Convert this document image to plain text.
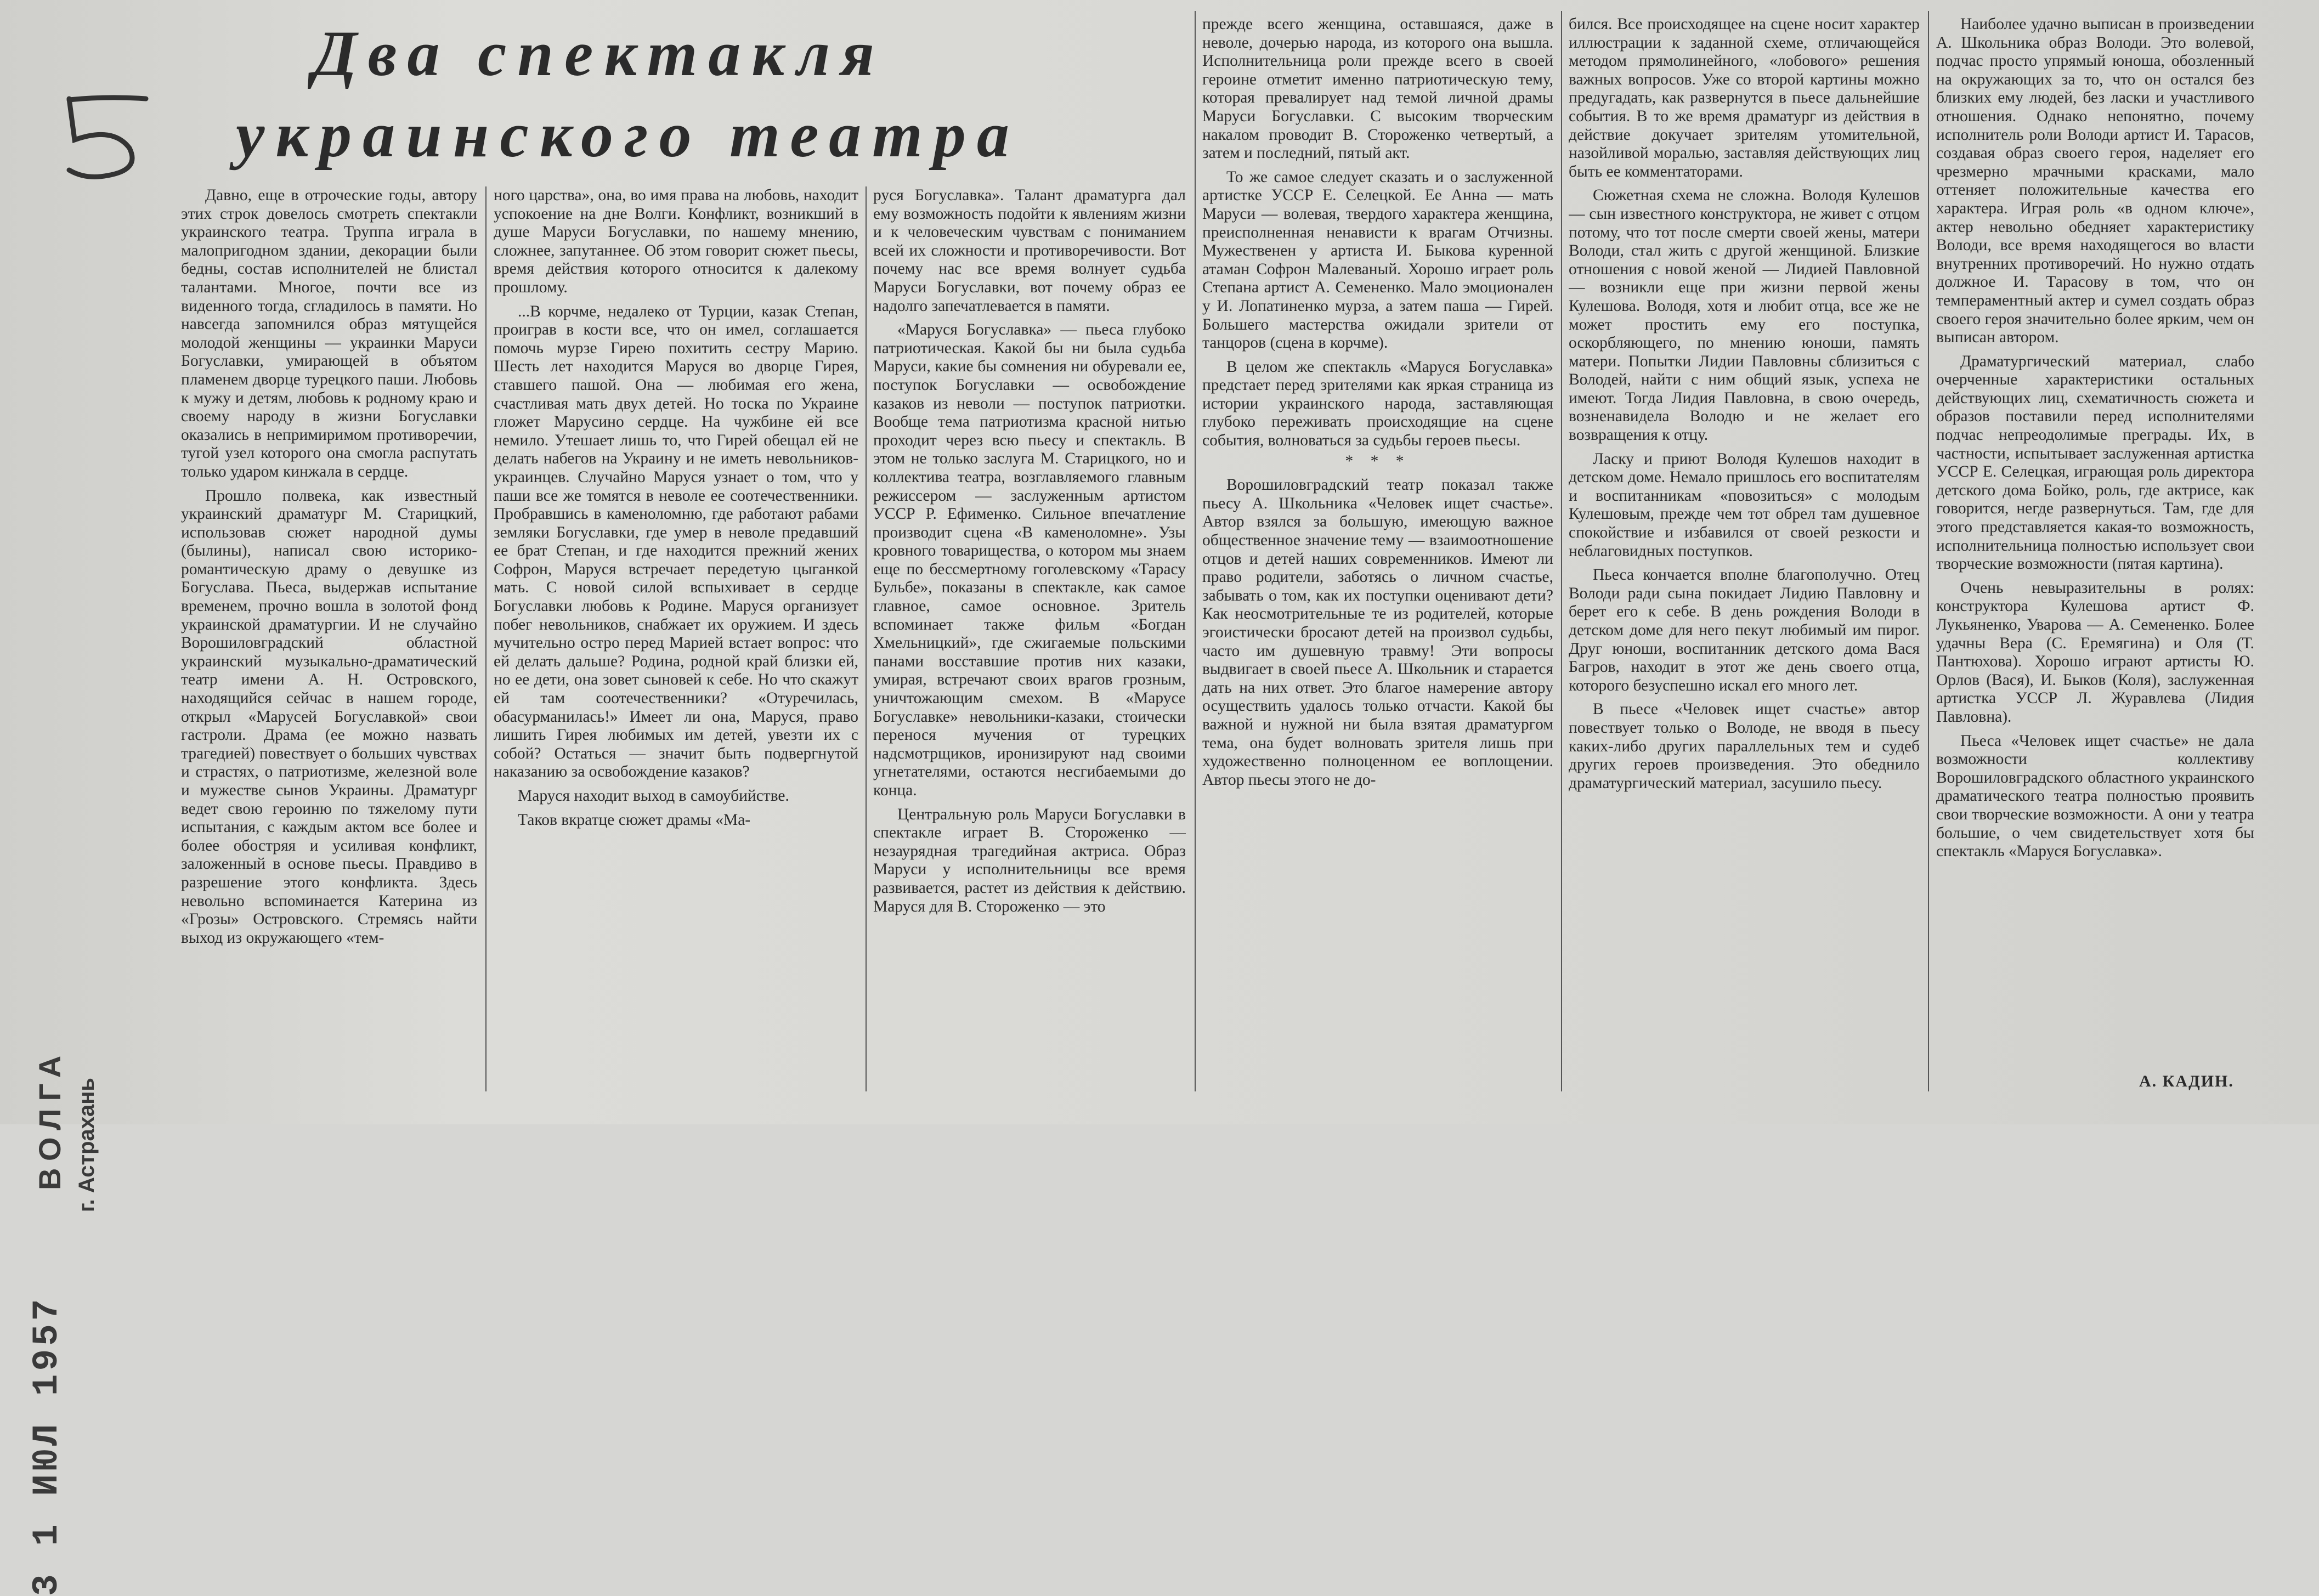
3 1 ИЮЛ 1957
ВОЛГА г. Астрахань
Два спектакля
украинского театра

Давно, еще в отроческие годы, автору этих строк довелось смотреть спектакли украинского театра. Труппа играла в малопригодном здании, декорации были бедны, состав исполнителей не блистал талантами. Многое, почти все из виденного тогда, сгладилось в памяти. Но навсегда запомнился образ мятущейся молодой женщины — украинки Маруси Богуславки, умирающей в объятом пламенем дворце турецкого паши. Любовь к мужу и детям, любовь к родному краю и своему народу в жизни Богуславки оказались в непримиримом противоречии, тугой узел которого она смогла распутать только ударом кинжала в сердце.

Прошло полвека, как известный украинский драматург М. Старицкий, использовав сюжет народной думы (былины), написал свою историко-романтическую драму о девушке из Богуслава. Пьеса, выдержав испытание временем, прочно вошла в золотой фонд украинской драматургии. И не случайно Ворошиловградский областной украинский музыкально-драматический театр имени А. Н. Островского, находящийся сейчас в нашем городе, открыл «Марусей Богуславкой» свои гастроли. Драма (ее можно назвать трагедией) повествует о больших чувствах и страстях, о патриотизме, железной воле и мужестве сынов Украины. Драматург ведет свою героиню по тяжелому пути испытания, с каждым актом все более и более обостряя и усиливая конфликт, заложенный в основе пьесы. Правдиво в разрешение этого конфликта. Здесь невольно вспоминается Катерина из «Грозы» Островского. Стремясь найти выход из окружающего «тем-

ного царства», она, во имя права на любовь, находит успокоение на дне Волги. Конфликт, возникший в душе Маруси Богуславки, по нашему мнению, сложнее, запутаннее. Об этом говорит сюжет пьесы, время действия которого относится к далекому прошлому.

...В корчме, недалеко от Турции, казак Степан, проиграв в кости все, что он имел, соглашается помочь мурзе Гирею похитить сестру Марию. Шесть лет находится Маруся во дворце Гирея, ставшего пашой. Она — любимая его жена, счастливая мать двух детей. Но тоска по Украине гложет Марусино сердце. На чужбине ей все немило. Утешает лишь то, что Гирей обещал ей не делать набегов на Украину и не иметь невольников-украинцев. Случайно Маруся узнает о том, что у паши все же томятся в неволе ее соотечественники. Пробравшись в каменоломню, где работают рабами земляки Богуславки, где умер в неволе предавший ее брат Степан, и где находится прежний жених Софрон, Маруся встречает передетую цыганкой мать. С новой силой вспыхивает в сердце Богуславки любовь к Родине. Маруся организует побег невольников, снабжает их оружием. И здесь мучительно остро перед Марией встает вопрос: что ей делать дальше? Родина, родной край близки ей, но ее дети, она зовет сыновей к себе. Но что скажут ей там соотечественники? «Отуречилась, обасурманилась!» Имеет ли она, Маруся, право лишить Гирея любимых им детей, увезти их с собой? Остаться — значит быть подвергнутой наказанию за освобождение казаков?

Маруся находит выход в самоубийстве.

Таков вкратце сюжет драмы «Ма-

руся Богуславка». Талант драматурга дал ему возможность подойти к явлениям жизни и к человеческим чувствам с пониманием всей их сложности и противоречивости. Вот почему нас все время волнует судьба Маруси Богуславки, вот почему образ ее надолго запечатлевается в памяти.

«Маруся Богуславка» — пьеса глубоко патриотическая. Какой бы ни была судьба Маруси, какие бы сомнения ни обуревали ее, поступок Богуславки — освобождение казаков из неволи — поступок патриотки. Вообще тема патриотизма красной нитью проходит через всю пьесу и спектакль. В этом не только заслуга М. Старицкого, но и коллектива театра, возглавляемого главным режиссером — заслуженным артистом УССР Р. Ефименко. Сильное впечатление производит сцена «В каменоломне». Узы кровного товарищества, о котором мы знаем еще по бессмертному гоголевскому «Тарасу Бульбе», показаны в спектакле, как самое главное, самое основное. Зритель вспоминает также фильм «Богдан Хмельницкий», где сжигаемые польскими панами восставшие против них казаки, умирая, встречают своих врагов грозным, уничтожающим смехом. В «Марусе Богуславке» невольники-казаки, стоически перенося мучения от турецких надсмотрщиков, иронизируют над своими угнетателями, остаются несгибаемыми до конца.

Центральную роль Маруси Богуславки в спектакле играет В. Стороженко — незаурядная трагедийная актриса. Образ Маруси у исполнительницы все время развивается, растет из действия к действию. Маруся для В. Стороженко — это

прежде всего женщина, оставшаяся, даже в неволе, дочерью народа, из которого она вышла. Исполнительница роли прежде всего в своей героине отметит именно патриотическую тему, которая превалирует над темой личной драмы Маруси Богуславки. С высоким творческим накалом проводит В. Стороженко четвертый, а затем и последний, пятый акт.

То же самое следует сказать и о заслуженной артистке УССР Е. Селецкой. Ее Анна — мать Маруси — волевая, твердого характера женщина, преисполненная ненависти к врагам Отчизны. Мужественен у артиста И. Быкова куренной атаман Софрон Малеваный. Хорошо играет роль Степана артист А. Семененко. Мало эмоционален у И. Лопатиненко мурза, а затем паша — Гирей. Большего мастерства ожидали зрители от танцоров (сцена в корчме).

В целом же спектакль «Маруся Богуславка» предстает перед зрителями как яркая страница из истории украинского народа, заставляющая глубоко переживать происходящие на сцене события, волноваться за судьбы героев пьесы.

* * *

Ворошиловградский театр показал также пьесу А. Школьника «Человек ищет счастье». Автор взялся за большую, имеющую важное общественное значение тему — взаимоотношение отцов и детей наших современников. Имеют ли право родители, заботясь о личном счастье, забывать о том, как их поступки оценивают дети? Как неосмотрительные те из родителей, которые эгоистически бросают детей на произвол судьбы, часто им душевную травму! Эти вопросы выдвигает в своей пьесе А. Школьник и старается дать на них ответ. Это благое намерение автору осуществить удалось только отчасти. Какой бы важной и нужной ни была взятая драматургом тема, она будет волновать зрителя лишь при художественно полноценном ее воплощении. Автор пьесы этого не до-

бился. Все происходящее на сцене носит характер иллюстрации к заданной схеме, отличающейся методом прямолинейного, «лобового» решения важных вопросов. Уже со второй картины можно предугадать, как развернутся в пьесе дальнейшие события. В то же время драматург из действия в действие докучает зрителям утомительной, назойливой моралью, заставляя действующих лиц быть ее комментаторами.

Сюжетная схема не сложна. Володя Кулешов — сын известного конструктора, не живет с отцом потому, что тот после смерти своей жены, матери Володи, стал жить с другой женщиной. Близкие отношения с новой женой — Лидией Павловной — возникли еще при жизни первой жены Кулешова. Володя, хотя и любит отца, все же не может простить ему его поступка, оскорбляющего, по мнению юноши, память матери. Попытки Лидии Павловны сблизиться с Володей, найти с ним общий язык, успеха не имеют. Тогда Лидия Павловна, в свою очередь, возненавидела Володю и не желает его возвращения к отцу.

Ласку и приют Володя Кулешов находит в детском доме. Немало пришлось его воспитателям и воспитанникам «повозиться» с молодым Кулешовым, прежде чем тот обрел там душевное спокойствие и избавился от своей резкости и неблаговидных поступков.

Пьеса кончается вполне благополучно. Отец Володи ради сына покидает Лидию Павловну и берет его к себе. В день рождения Володи в детском доме для него пекут любимый им пирог. Друг юноши, воспитанник детского дома Вася Багров, находит в этот же день своего отца, которого безуспешно искал его много лет.

В пьесе «Человек ищет счастье» автор повествует только о Володе, не вводя в пьесу каких-либо других параллельных тем и судеб других героев произведения. Это обеднило драматургический материал, засушило пьесу.

Наиболее удачно выписан в произведении А. Школьника образ Володи. Это волевой, подчас просто упрямый юноша, обозленный на окружающих за то, что он остался без близких ему людей, без ласки и участливого отношения. Однако непонятно, почему исполнитель роли Володи артист И. Тарасов, создавая образ своего героя, наделяет его чрезмерно мрачными красками, мало оттеняет положительные качества его характера. Играя роль «в одном ключе», актер невольно обедняет характеристику Володи, все время находящегося во власти внутренних противоречий. Но нужно отдать должное И. Тарасову в том, что он темпераментный актер и сумел создать образ своего героя значительно более ярким, чем он выписан автором.

Драматургический материал, слабо очерченные характеристики остальных действующих лиц, схематичность сюжета и образов поставили перед исполнителями подчас непреодолимые преграды. Их, в частности, испытывает заслуженная артистка УССР Е. Селецкая, играющая роль директора детского дома Бойко, роль, где актрисе, как говорится, негде развернуться. Там, где для этого представляется какая-то возможность, исполнительница полностью использует свои творческие возможности (пятая картина).

Очень невыразительны в ролях: конструктора Кулешова артист Ф. Лукьяненко, Уварова — А. Семененко. Более удачны Вера (С. Еремягина) и Оля (Т. Пантюхова). Хорошо играют артисты Ю. Орлов (Вася), И. Быков (Коля), заслуженная артистка УССР Л. Журавлева (Лидия Павловна).

Пьеса «Человек ищет счастье» не дала возможности коллективу Ворошиловградского областного украинского драматического театра полностью проявить свои творческие возможности. А они у театра большие, о чем свидетельствует хотя бы спектакль «Маруся Богуславка».

А. КАДИН.
